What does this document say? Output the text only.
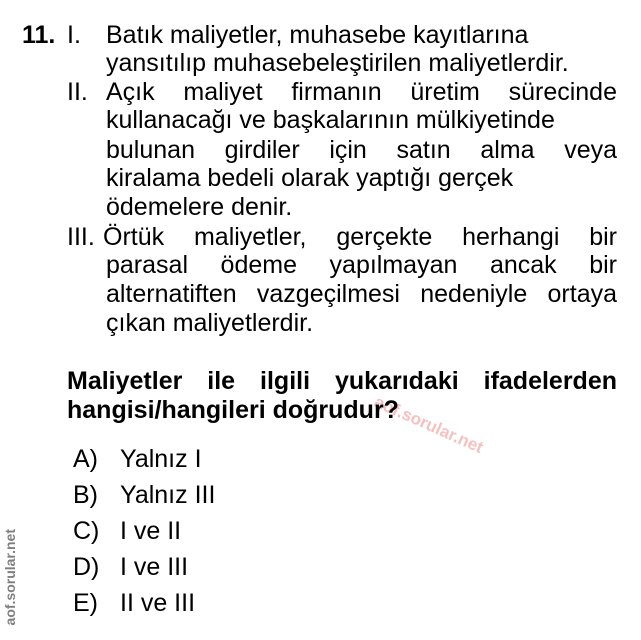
aof.sorular.net
aof.sorular.net
11. I. Batık maliyetler, muhasebe kayıtlarına
yansıtılıp muhasebeleştirilen maliyetlerdir.
II. Açık maliyet firmanın üretim sürecinde
kullanacağı ve başkalarının mülkiyetinde
bulunan girdiler için satın alma veya
kiralama bedeli olarak yaptığı gerçek
ödemelere denir.
III. Örtük maliyetler, gerçekte herhangi bir
parasal ödeme yapılmayan ancak bir
alternatiften vazgeçilmesi nedeniyle ortaya
çıkan maliyetlerdir.
Maliyetler ile ilgili yukarıdaki ifadelerden
hangisi/hangileri doğrudur?
A) Yalnız I
B) Yalnız III
C) I ve II
D) I ve III
E) II ve III
